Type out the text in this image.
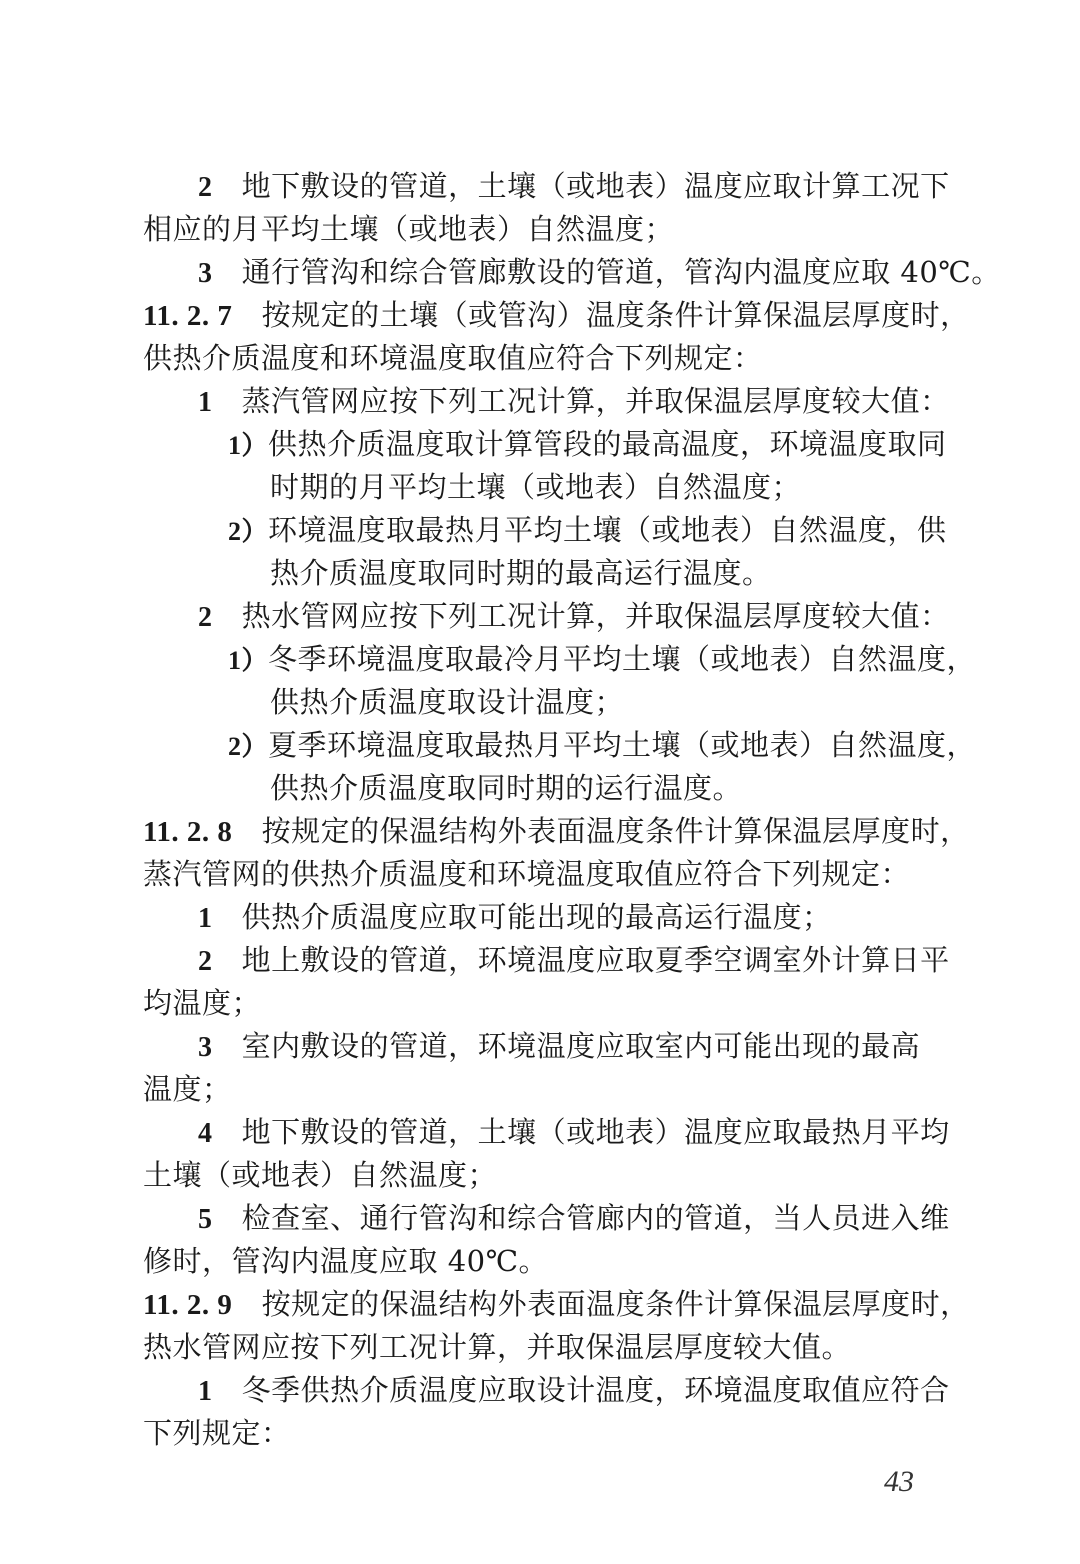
2 地下敷设的管道，土壤（或地表）温度应取计算工况下
相应的月平均土壤（或地表）自然温度；
3 通行管沟和综合管廊敷设的管道，管沟内温度应取 40℃。
11. 2. 7 按规定的土壤（或管沟）温度条件计算保温层厚度时，
供热介质温度和环境温度取值应符合下列规定：
1 蒸汽管网应按下列工况计算，并取保温层厚度较大值：
1）供热介质温度取计算管段的最高温度，环境温度取同
时期的月平均土壤（或地表）自然温度；
2）环境温度取最热月平均土壤（或地表）自然温度，供
热介质温度取同时期的最高运行温度。
2 热水管网应按下列工况计算，并取保温层厚度较大值：
1）冬季环境温度取最冷月平均土壤（或地表）自然温度，
供热介质温度取设计温度；
2）夏季环境温度取最热月平均土壤（或地表）自然温度，
供热介质温度取同时期的运行温度。
11. 2. 8 按规定的保温结构外表面温度条件计算保温层厚度时，
蒸汽管网的供热介质温度和环境温度取值应符合下列规定：
1 供热介质温度应取可能出现的最高运行温度；
2 地上敷设的管道，环境温度应取夏季空调室外计算日平
均温度；
3 室内敷设的管道，环境温度应取室内可能出现的最高
温度；
4 地下敷设的管道，土壤（或地表）温度应取最热月平均
土壤（或地表）自然温度；
5 检查室、通行管沟和综合管廊内的管道，当人员进入维
修时，管沟内温度应取 40℃。
11. 2. 9 按规定的保温结构外表面温度条件计算保温层厚度时，
热水管网应按下列工况计算，并取保温层厚度较大值。
1 冬季供热介质温度应取设计温度，环境温度取值应符合
下列规定：
43
